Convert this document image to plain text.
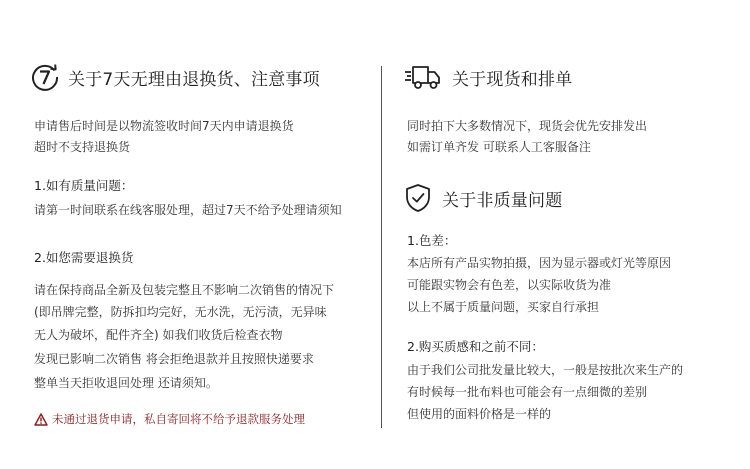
关于7天无理由退换货、注意事项
申请售后时间是以物流签收时间7天内申请退换货
超时不支持退换货
1.如有质量问题：
请第一时间联系在线客服处理，超过7天不给予处理请须知
2.如您需要退换货
请在保持商品全新及包装完整且不影响二次销售的情况下
(即吊牌完整，防拆扣均完好，无水洗，无污渍，无异味
无人为破坏，配件齐全) 如我们收货后检查衣物
发现已影响二次销售 将会拒绝退款并且按照快递要求
整单当天拒收退回处理 还请须知。
未通过退货申请，私自寄回将不给予退款服务处理
关于现货和排单
同时拍下大多数情况下，现货会优先安排发出
如需订单齐发 可联系人工客服备注
关于非质量问题
1.色差：
本店所有产品实物拍摄，因为显示器或灯光等原因
可能跟实物会有色差，以实际收货为准
以上不属于质量问题，买家自行承担
2.购买质感和之前不同：
由于我们公司批发量比较大，一般是按批次来生产的
有时候每一批布料也可能会有一点细微的差别
但使用的面料价格是一样的
